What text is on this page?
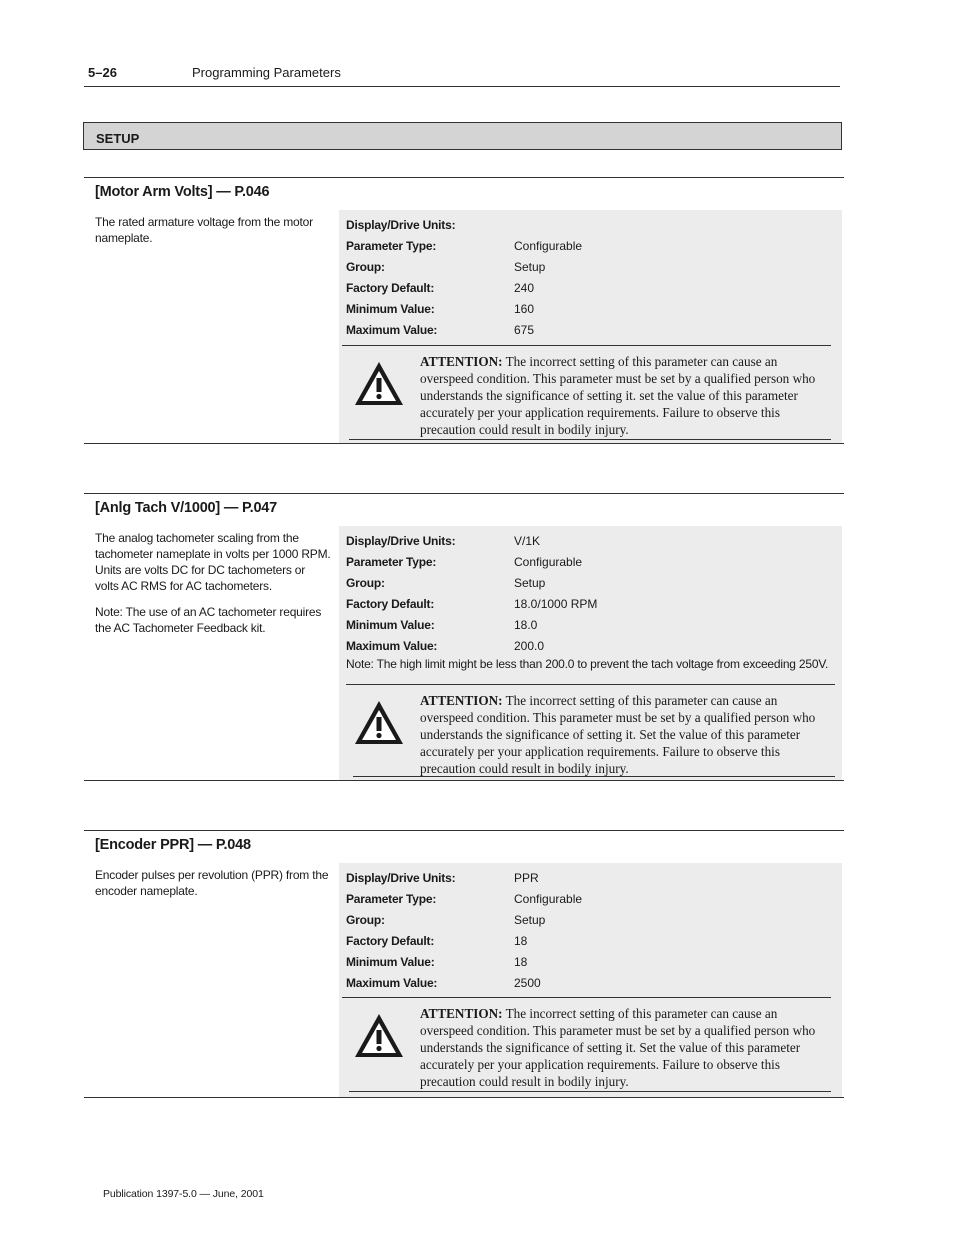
5–26	Programming Parameters
SETUP
[Motor Arm Volts] — P.046

The rated armature voltage from the motor nameplate.

Display/Drive Units:
Parameter Type:	Configurable
Group:	Setup
Factory Default:	240
Minimum Value:	160
Maximum Value:	675
ATTENTION: The incorrect setting of this parameter can cause an overspeed condition. This parameter must be set by a qualified person who understands the significance of setting it. set the value of this parameter accurately per your application requirements. Failure to observe this precaution could result in bodily injury.
[Anlg Tach V/1000] — P.047

The analog tachometer scaling from the tachometer nameplate in volts per 1000 RPM. Units are volts DC for DC tachometers or volts AC RMS for AC tachometers.

Note: The use of an AC tachometer requires the AC Tachometer Feedback kit.

Display/Drive Units:	V/1K
Parameter Type:	Configurable
Group:	Setup
Factory Default:	18.0/1000 RPM
Minimum Value:	18.0
Maximum Value:	200.0
Note: The high limit might be less than 200.0 to prevent the tach voltage from exceeding 250V.
ATTENTION: The incorrect setting of this parameter can cause an overspeed condition. This parameter must be set by a qualified person who understands the significance of setting it. Set the value of this parameter accurately per your application requirements. Failure to observe this precaution could result in bodily injury.
[Encoder PPR] — P.048

Encoder pulses per revolution (PPR) from the encoder nameplate.

Display/Drive Units:	PPR
Parameter Type:	Configurable
Group:	Setup
Factory Default:	18
Minimum Value:	18
Maximum Value:	2500
ATTENTION: The incorrect setting of this parameter can cause an overspeed condition. This parameter must be set by a qualified person who understands the significance of setting it. Set the value of this parameter accurately per your application requirements. Failure to observe this precaution could result in bodily injury.
Publication 1397-5.0 — June, 2001
